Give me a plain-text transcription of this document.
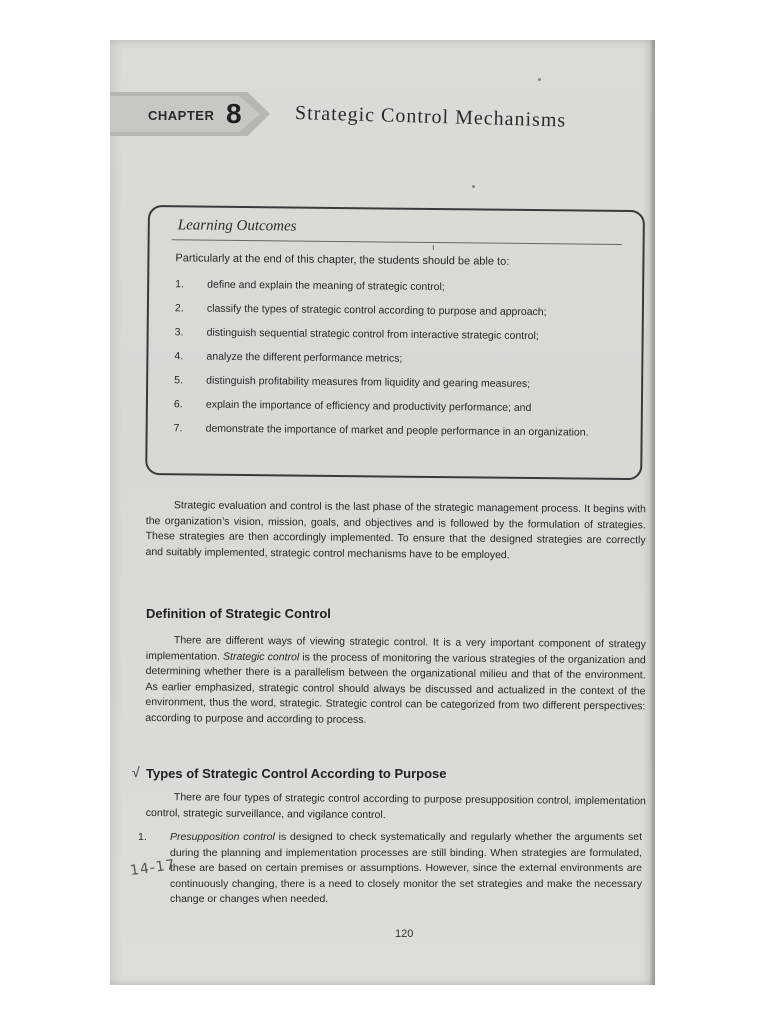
CHAPTER 8	Strategic Control Mechanisms
Learning Outcomes
Particularly at the end of this chapter, the students should be able to:
1. define and explain the meaning of strategic control;
2. classify the types of strategic control according to purpose and approach;
3. distinguish sequential strategic control from interactive strategic control;
4. analyze the different performance metrics;
5. distinguish profitability measures from liquidity and gearing measures;
6. explain the importance of efficiency and productivity performance; and
7. demonstrate the importance of market and people performance in an organization.
ı

Strategic evaluation and control is the last phase of the strategic management process. It begins with the organization’s vision, mission, goals, and objectives and is followed by the formulation of strategies. These strategies are then accordingly implemented. To ensure that the designed strategies are correctly and suitably implemented, strategic control mechanisms have to be employed.

Definition of Strategic Control

There are different ways of viewing strategic control. It is a very important component of strategy implementation. Strategic control is the process of monitoring the various strategies of the organization and determining whether there is a parallelism between the organizational milieu and that of the environment. As earlier emphasized, strategic control should always be discussed and actualized in the context of the environment, thus the word, strategic. Strategic control can be categorized from two different perspectives: according to purpose and according to process.

√ Types of Strategic Control According to Purpose

There are four types of strategic control according to purpose presupposition control, implementation control, strategic surveillance, and vigilance control.

1. Presupposition control is designed to check systematically and regularly whether the arguments set during the planning and implementation processes are still binding. When strategies are formulated, these are based on certain premises or assumptions. However, since the external environments are continuously changing, there is a need to closely monitor the set strategies and make the necessary change or changes when needed.
14-17
120
